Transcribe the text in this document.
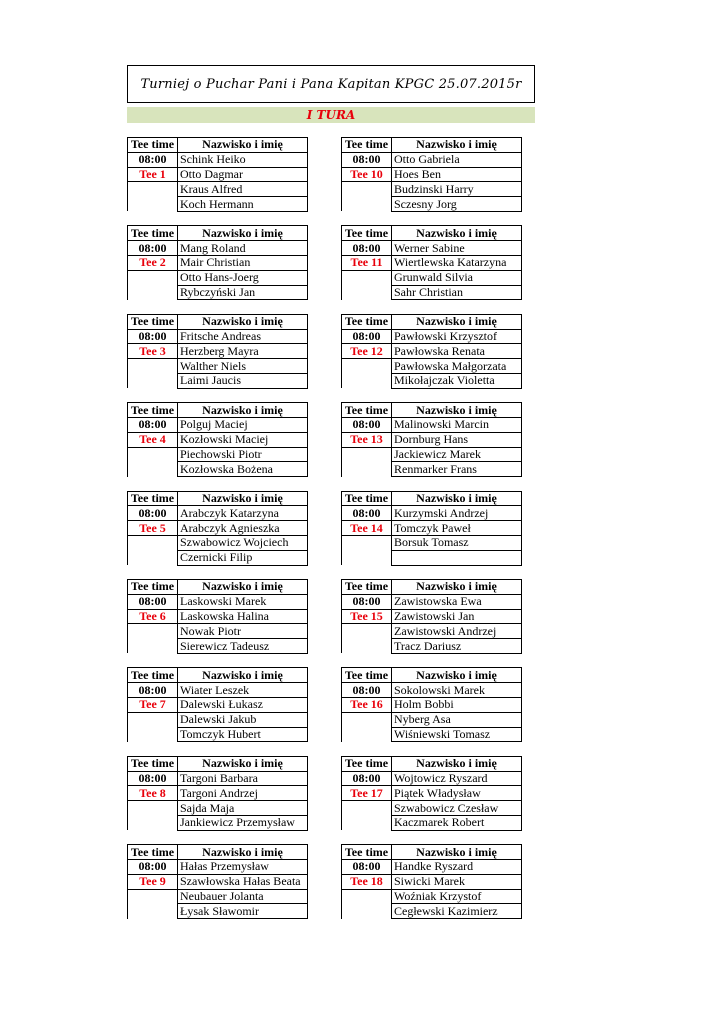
Turniej o Puchar Pani i Pana Kapitan KPGC 25.07.2015r
I TURA
Tee time	Nazwisko i imię
08:00	Schink Heiko
Tee 1	Otto Dagmar
	Kraus Alfred
	Koch Hermann
Tee time	Nazwisko i imię
08:00	Otto Gabriela
Tee 10	Hoes Ben
	Budzinski Harry
	Sczesny Jorg
Tee time	Nazwisko i imię
08:00	Mang Roland
Tee 2	Mair Christian
	Otto Hans-Joerg
	Rybczyński Jan
Tee time	Nazwisko i imię
08:00	Werner Sabine
Tee 11	Wiertlewska Katarzyna
	Grunwald Silvia
	Sahr Christian
Tee time	Nazwisko i imię
08:00	Fritsche Andreas
Tee 3	Herzberg Mayra
	Walther Niels
	Laimi Jaucis
Tee time	Nazwisko i imię
08:00	Pawłowski Krzysztof
Tee 12	Pawłowska Renata
	Pawłowska Małgorzata
	Mikołajczak Violetta
Tee time	Nazwisko i imię
08:00	Polguj Maciej
Tee 4	Kozłowski Maciej
	Piechowski Piotr
	Kozłowska Bożena
Tee time	Nazwisko i imię
08:00	Malinowski Marcin
Tee 13	Dornburg Hans
	Jackiewicz Marek
	Renmarker Frans
Tee time	Nazwisko i imię
08:00	Arabczyk Katarzyna
Tee 5	Arabczyk Agnieszka
	Szwabowicz Wojciech
	Czernicki Filip
Tee time	Nazwisko i imię
08:00	Kurzymski Andrzej
Tee 14	Tomczyk Paweł
	Borsuk Tomasz

Tee time	Nazwisko i imię
08:00	Laskowski Marek
Tee 6	Laskowska Halina
	Nowak Piotr
	Sierewicz Tadeusz
Tee time	Nazwisko i imię
08:00	Zawistowska Ewa
Tee 15	Zawistowski Jan
	Zawistowski Andrzej
	Tracz Dariusz
Tee time	Nazwisko i imię
08:00	Wiater Leszek
Tee 7	Dalewski Łukasz
	Dalewski Jakub
	Tomczyk Hubert
Tee time	Nazwisko i imię
08:00	Sokolowski Marek
Tee 16	Holm Bobbi
	Nyberg Asa
	Wiśniewski Tomasz
Tee time	Nazwisko i imię
08:00	Targoni Barbara
Tee 8	Targoni Andrzej
	Sajda Maja
	Jankiewicz Przemysław
Tee time	Nazwisko i imię
08:00	Wojtowicz Ryszard
Tee 17	Piątek Władysław
	Szwabowicz Czesław
	Kaczmarek Robert
Tee time	Nazwisko i imię
08:00	Hałas Przemysław
Tee 9	Szawłowska Hałas Beata
	Neubauer Jolanta
	Łysak Sławomir
Tee time	Nazwisko i imię
08:00	Handke Ryszard
Tee 18	Siwicki Marek
	Woźniak Krzystof
	Cegłewski Kazimierz
